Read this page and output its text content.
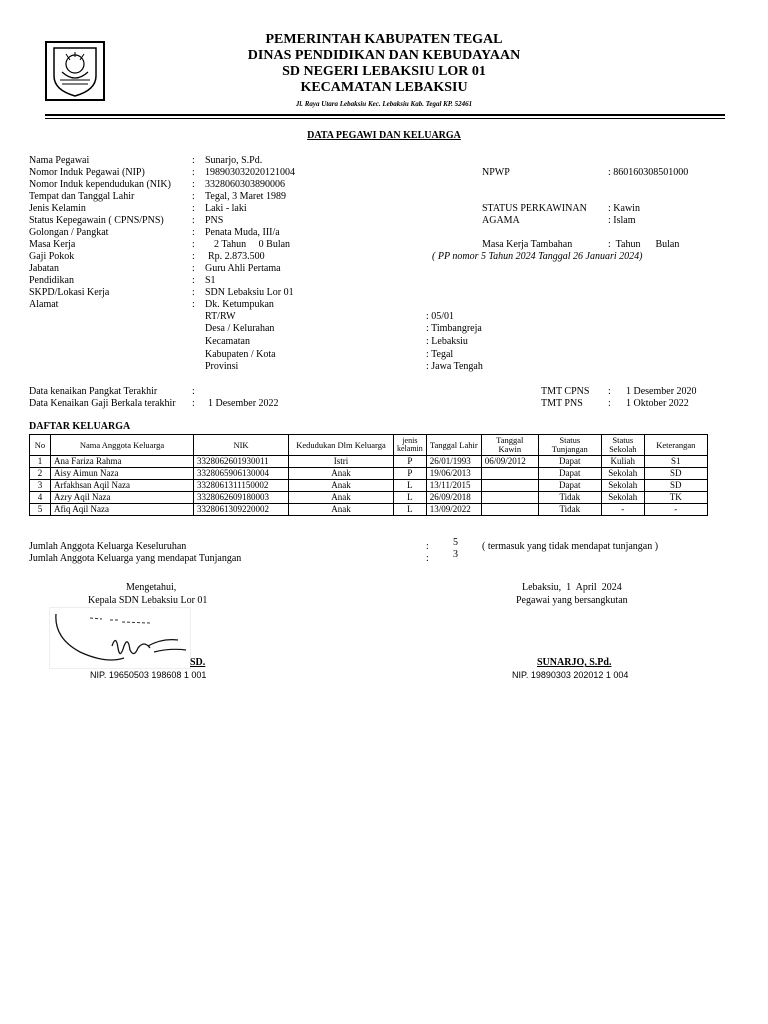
PEMERINTAH KABUPATEN TEGAL
DINAS PENDIDIKAN DAN KEBUDAYAAN
SD NEGERI LEBAKSIU LOR 01
KECAMATAN LEBAKSIU
Jl. Raya Utara Lebaksiu Kec. Lebaksiu Kab. Tegal KP. 52461
DATA PEGAWI DAN KELUARGA
Nama Pegawai	: Sunarjo, S.Pd.
Nomor Induk Pegawai (NIP)	: 198903032020121004	NPWP	: 860160308501000
Nomor Induk kependudukan (NIK) : 3328060303890006
Tempat dan Tanggal Lahir	: Tegal, 3 Maret 1989
Jenis Kelamin	: Laki - laki	STATUS PERKAWINAN : Kawin
Status Kepegawain ( CPNS/PNS)	: PNS	AGAMA	: Islam
Golongan / Pangkat	: Penata Muda, III/a
Masa Kerja	: 2 Tahun     0 Bulan	Masa Kerja Tambahan	:  Tahun      Bulan
Gaji Pokok	: Rp. 2.873.500	( PP nomor 5 Tahun 2024 Tanggal 26 Januari 2024)
Jabatan	: Guru Ahli Pertama
Pendidikan	: S1
SKPD/Lokasi Kerja	: SDN Lebaksiu Lor 01
Alamat	: Dk. Ketumpukan
RT/RW	: 05/01
Desa / Kelurahan	: Timbangreja
Kecamatan	: Lebaksiu
Kabupaten / Kota	: Tegal
Provinsi	: Jawa Tengah
Data kenaikan Pangkat Terakhir	:	TMT CPNS : 1 Desember 2020
Data Kenaikan Gaji Berkala terakhir : 1 Desember 2022	TMT PNS	: 1 Oktober 2022
DAFTAR KELUARGA
No	Nama Anggota Keluarga	NIK	Kedudukan Dlm Keluarga	jenis kelamin	Tanggal Lahir	Tanggal Kawin	Status Tunjangan	Status Sekolah	Keterangan
1	Ana Fariza Rahma	3328062601930011	Istri	P	26/01/1993	06/09/2012	Dapat	Kuliah	S1
2	Aisy Aimun Naza	3328065906130004	Anak	P	19/06/2013		Dapat	Sekolah	SD
3	Arfakhsan Aqil Naza	3328061311150002	Anak	L	13/11/2015		Dapat	Sekolah	SD
4	Azry Aqil Naza	3328062609180003	Anak	L	26/09/2018		Tidak	Sekolah	TK
5	Afiq Aqil Naza	3328061309220002	Anak	L	13/09/2022		Tidak	-	-
Jumlah Anggota Keluarga Keseluruhan	: 5 ( termasuk yang tidak mendapat tunjangan )
Jumlah Anggota Keluarga yang mendapat Tunjangan	: 3
Mengetahui,
Kepala SDN Lebaksiu Lor 01
SD.
NIP. 19650503 198608 1 001
Lebaksiu,  1  April  2024
Pegawai yang bersangkutan
SUNARJO, S.Pd.
NIP. 19890303 202012 1 004
